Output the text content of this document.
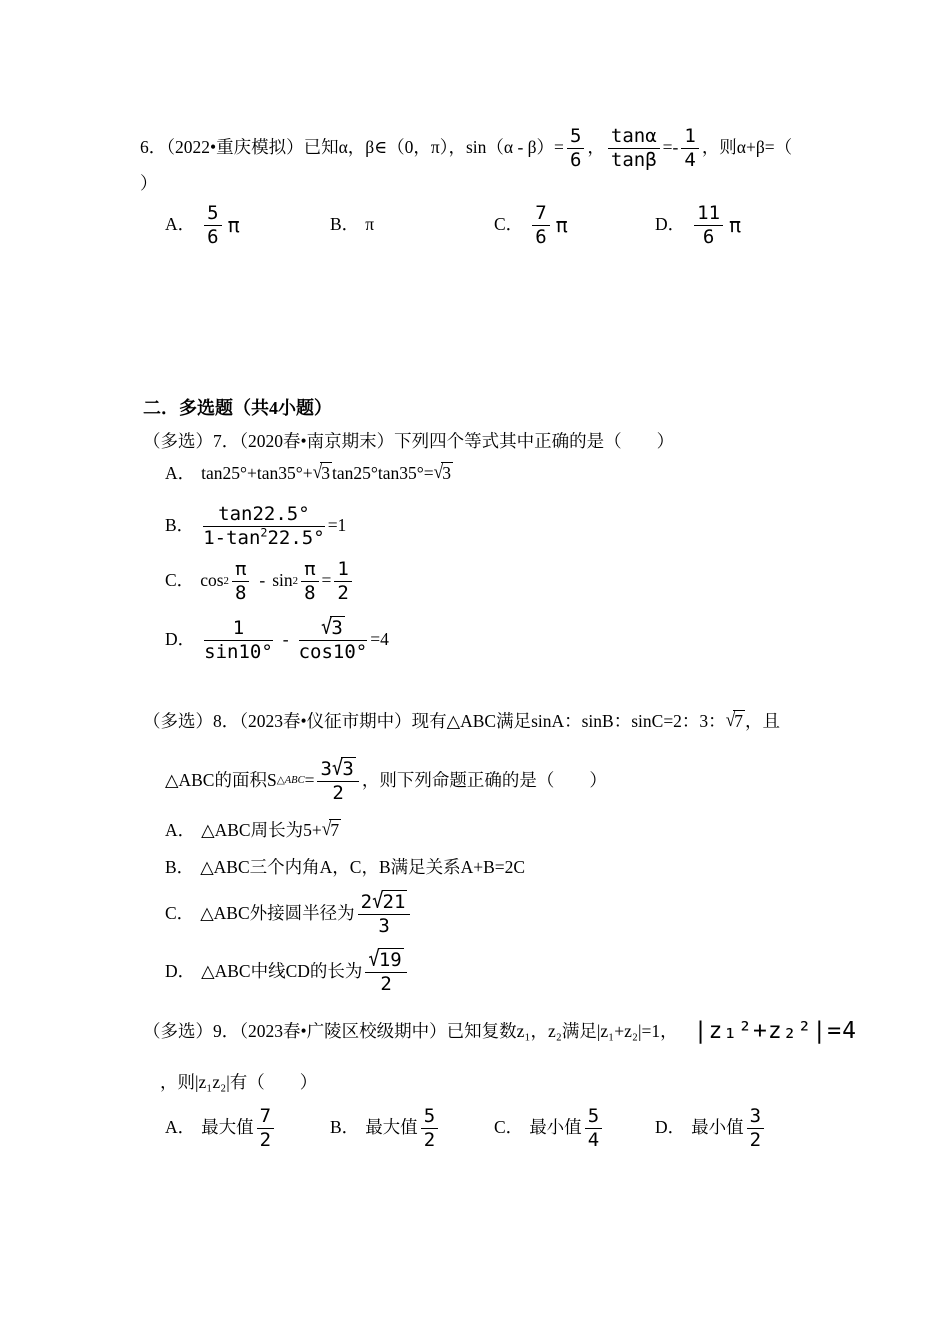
6．（2022•重庆模拟）已知α，β∈（0，π），$\sin(\alpha - \beta)= \frac{5}{6}$ ， $\frac{\tan\alpha}{\tan\beta} =- \frac{1}{4}$ ，则α+β=（
）
A． $\frac{5}{6}$ π	B． π	C． $\frac{7}{6}$ π	D． $\frac{11}{6}$ π
二．多选题（共4小题）
（多选）7．（2020春•南京期末）下列四个等式其中正确的是（　　）
A． tan25°+tan35°+ √3 tan25°tan35°= √3
B． $\frac{\tan 22.5^\circ}{1-\tan^222.5^\circ} =1$
C． $\cos 2 \frac{\pi}{8} - \sin 2 \frac{\pi}{8} = \frac{1}{2}$
D． $\frac{1}{\sin 10^\circ} - \frac{√3}{\cos 10^\circ} =4$
（多选）8．（2023春•仪征市期中）现有△ABC满足sinA：sinB：sinC=2：3： √7 ，且
△ABC的面积S △ABC = $\frac{3√3}{2}$ ，则下列命题正确的是（　　）
A． △ABC周长为5+ √7
B． △ABC三个内角A，C，B满足关系A+B=2C
C． △ABC外接圆半径为 $\frac{2√21}{3}$
D． △ABC中线CD的长为 $\frac{√19}{2}$
（多选）9．（2023春•广陵区校级期中）已知复数z₁，z₂满足|z₁+z₂|=1， |z₁²+z₂²|=4
，则|z₁z₂|有（　　）
A． 最大值 $\frac{7}{2}$	B． 最大值 $\frac{5}{2}$	C． 最小值 $\frac{5}{4}$	D． 最小值 $\frac{3}{2}$
